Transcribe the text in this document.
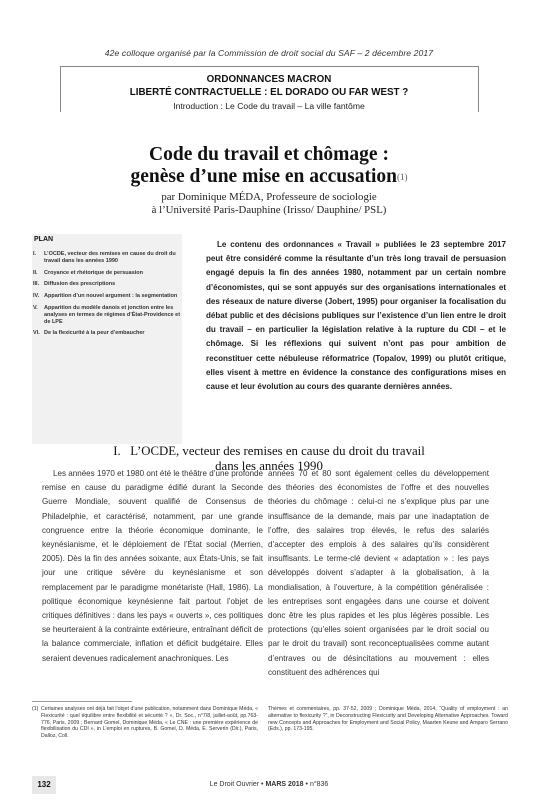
42e colloque organisé par la Commission de droit social du SAF – 2 décembre 2017
ORDONNANCES MACRON
LIBERTÉ CONTRACTUELLE : EL DORADO OU FAR WEST ?
Introduction : Le Code du travail – La ville fantôme
Code du travail et chômage :
genèse d’une mise en accusation$^{(1)}$
par Dominique MÉDA, Professeure de sociologie
à l’Université Paris-Dauphine (Irisso/ Dauphine/ PSL)
PLAN
I. L’OCDE, vecteur des remises en cause du droit du travail dans les années 1990
II. Croyance et rhétorique de persuasion
III. Diffusion des prescriptions
IV. Apparition d’un nouvel argument : la segmentation
V. Apparition du modèle danois et jonction entre les analyses en termes de régimes d’État-Providence et de LPE
VI. De la flexicurité à la peur d’embaucher

Le contenu des ordonnances « Travail » publiées le 23 septembre 2017 peut être considéré comme la résultante d’un très long travail de persuasion engagé depuis la fin des années 1980, notamment par un certain nombre d’économistes, qui se sont appuyés sur des organisations internationales et des réseaux de nature diverse (Jobert, 1995) pour organiser la focalisation du débat public et des décisions publiques sur l’existence d’un lien entre le droit du travail – en particulier la législation relative à la rupture du CDI – et le chômage. Si les réflexions qui suivent n’ont pas pour ambition de reconstituer cette nébuleuse réformatrice (Topalov, 1999) ou plutôt critique, elles visent à mettre en évidence la constance des configurations mises en cause et leur évolution au cours des quarante dernières années.

I. L’OCDE, vecteur des remises en cause du droit du travail
dans les années 1990

Les années 1970 et 1980 ont été le théâtre d’une profonde remise en cause du paradigme édifié durant la Seconde Guerre Mondiale, souvent qualifié de Consensus de Philadelphie, et caractérisé, notamment, par une grande congruence entre la théorie économique dominante, le keynésianisme, et le déploiement de l’État social (Merrien, 2005). Dès la fin des années soixante, aux États-Unis, se fait jour une critique sévère du keynésianisme et son remplacement par le paradigme monétariste (Hall, 1986). La politique économique keynésienne fait partout l’objet de critiques définitives : dans les pays « ouverts », ces politiques se heurteraient à la contrainte extérieure, entraînant déficit de la balance commerciale, inflation et déficit budgétaire. Elles seraient devenues radicalement anachroniques. Les

années 70 et 80 sont également celles du développement des théories des économistes de l’offre et des nouvelles théories du chômage : celui-ci ne s’explique plus par une insuffisance de la demande, mais par une inadaptation de l’offre, des salaires trop élevés, le refus des salariés d’accepter des emplois à des salaires qu’ils considèrent insuffisants. Le terme-clé devient « adaptation » : les pays développés doivent s’adapter à la globalisation, à la mondialisation, à l’ouverture, à la compétition généralisée : les entreprises sont engagées dans une course et doivent donc être les plus rapides et les plus légères possible. Les protections (qu’elles soient organisées par le droit social ou par le droit du travail) sont reconceptualisées comme autant d’entraves ou de désincitations au mouvement : elles constituent des adhérences qui

(1) Certaines analyses ont déjà fait l’objet d’une publication, notamment dans Dominique Méda, « Flexicurité : quel équilibre entre flexibilité et sécurité ? », Dr. Soc., n°7/8, juillet-août, pp.763-776, Paris, 2009 ; Bernard Gomel, Dominique Méda, « Le CNE : une première expérience de flexibilisation du CDI », in L’emploi en ruptures, B. Gomel, D. Méda, E. Serverin (Dir.), Paris, Dalloz, Coll.
Thèmes et commentaires, pp. 37-52, 2009 ; Dominique Méda, 2014, “Quality of employment : an alternative to flexicurity ?”, in Deconstructing Flexicurity and Developing Alternative Approaches. Toward new Concepts and Approaches for Employment and Social Policy, Maarten Keune and Amparo Serrano (Eds.), pp. 173-195.
132	Le Droit Ouvrier • MARS 2018 • n°836
